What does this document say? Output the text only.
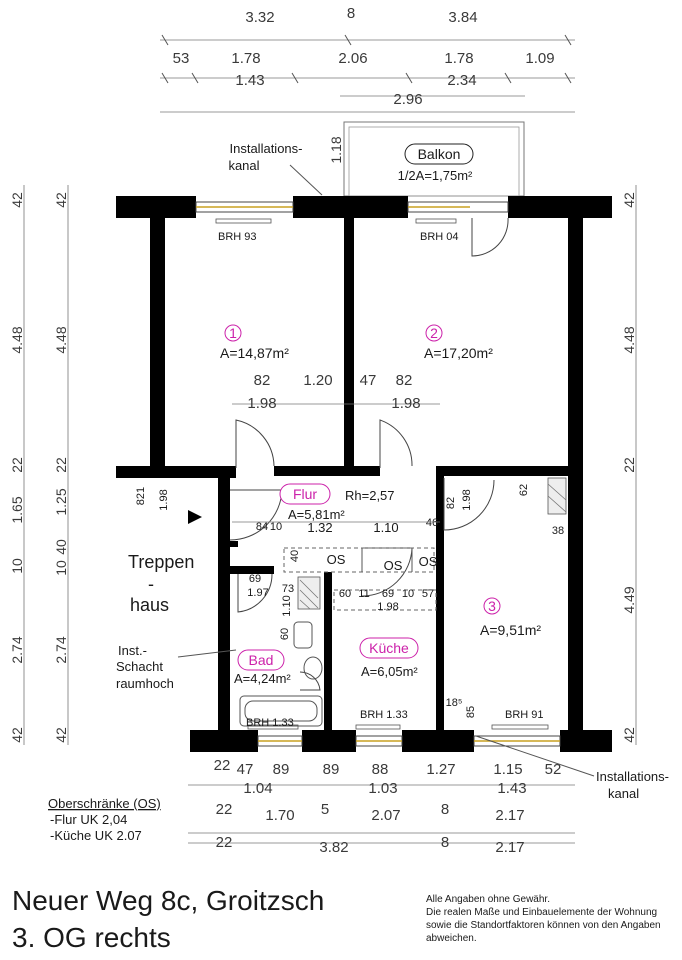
3.32	8	3.84
53	1.78	2.06	1.78	1.09
1.43	2.34
2.96
1.18	Balkon
1/2A=1,75m²
Installations-
kanal
OS	OS OS
1
A=14,87m²
2
A=17,20m²
3
A=9,51m²
Flur Rh=2,57
A=5,81m²
Bad
A=4,24m²
Küche
A=6,05m²
Treppen
-
haus
Inst.-
Schacht
raumhoch
BRH 93	BRH 04
BRH 1.33
BRH 1.33	BRH 91
82 1.20 47 82
1.98	1.98
84 10 1.32	1.10 46
1.98	1.98
82
821
60 11 69 10 57
1.98
69
1.97 73
1.10
62
38
40
60
18⁵
85
42
4.48
22
1.65
10
2.74
42
42
4.48
22
1.25
40
10
2.74
42
42
4.48
22
4.49
42
22 47 89 89 88	1.27	1.15 52
1.04	1.03	1.43
22 1.70 5	2.07	8	2.17
22	3.82	8	2.17
Installations-
kanal
Oberschränke (OS)
-Flur UK 2,04
-Küche UK 2.07
Neuer Weg 8c, Groitzsch
3. OG rechts
Alle Angaben ohne Gewähr.
Die realen Maße und Einbauelemente der Wohnung
sowie die Standortfaktoren können von den Angaben
abweichen.
